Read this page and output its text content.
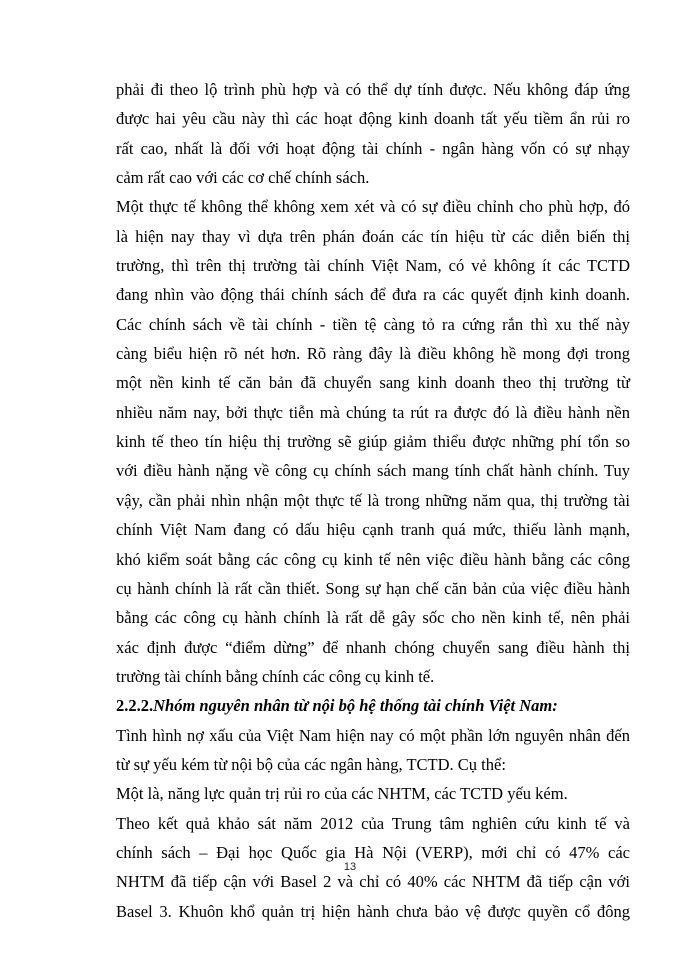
phải đi theo lộ trình phù hợp và có thể dự tính được. Nếu không đáp ứng
được hai yêu cầu này thì các hoạt động kinh doanh tất yếu tiềm ẩn rủi ro
rất cao, nhất là đối với hoạt động tài chính - ngân hàng vốn có sự nhạy
cảm rất cao với các cơ chế chính sách.
Một thực tế không thể không xem xét và có sự điều chỉnh cho phù hợp, đó
là hiện nay thay vì dựa trên phán đoán các tín hiệu từ các diễn biến thị
trường, thì trên thị trường tài chính Việt Nam, có vẻ không ít các TCTD
đang nhìn vào động thái chính sách để đưa ra các quyết định kinh doanh.
Các chính sách về tài chính - tiền tệ càng tỏ ra cứng rắn thì xu thế này
càng biểu hiện rõ nét hơn. Rõ ràng đây là điều không hề mong đợi trong
một nền kinh tế căn bản đã chuyển sang kinh doanh theo thị trường từ
nhiều năm nay, bởi thực tiễn mà chúng ta rút ra được đó là điều hành nền
kinh tế theo tín hiệu thị trường sẽ giúp giảm thiểu được những phí tổn so
với điều hành nặng về công cụ chính sách mang tính chất hành chính. Tuy
vậy, cần phải nhìn nhận một thực tế là trong những năm qua, thị trường tài
chính Việt Nam đang có dấu hiệu cạnh tranh quá mức, thiếu lành mạnh,
khó kiểm soát bằng các công cụ kinh tế nên việc điều hành bằng các công
cụ hành chính là rất cần thiết. Song sự hạn chế căn bản của việc điều hành
bằng các công cụ hành chính là rất dễ gây sốc cho nền kinh tế, nên phải
xác định được “điểm dừng” để nhanh chóng chuyển sang điều hành thị
trường tài chính bằng chính các công cụ kinh tế.
2.2.2.Nhóm nguyên nhân từ nội bộ hệ thống tài chính Việt Nam:
Tình hình nợ xấu của Việt Nam hiện nay có một phần lớn nguyên nhân đến
từ sự yếu kém từ nội bộ của các ngân hàng, TCTD. Cụ thể:
Một là, năng lực quản trị rủi ro của các NHTM, các TCTD yếu kém.
Theo kết quả khảo sát năm 2012 của Trung tâm nghiên cứu kinh tế và
chính sách – Đại học Quốc gia Hà Nội (VERP), mới chỉ có 47% các
NHTM đã tiếp cận với Basel 2 và chỉ có 40% các NHTM đã tiếp cận với
Basel 3. Khuôn khổ quản trị hiện hành chưa bảo vệ được quyền cổ đông
13
